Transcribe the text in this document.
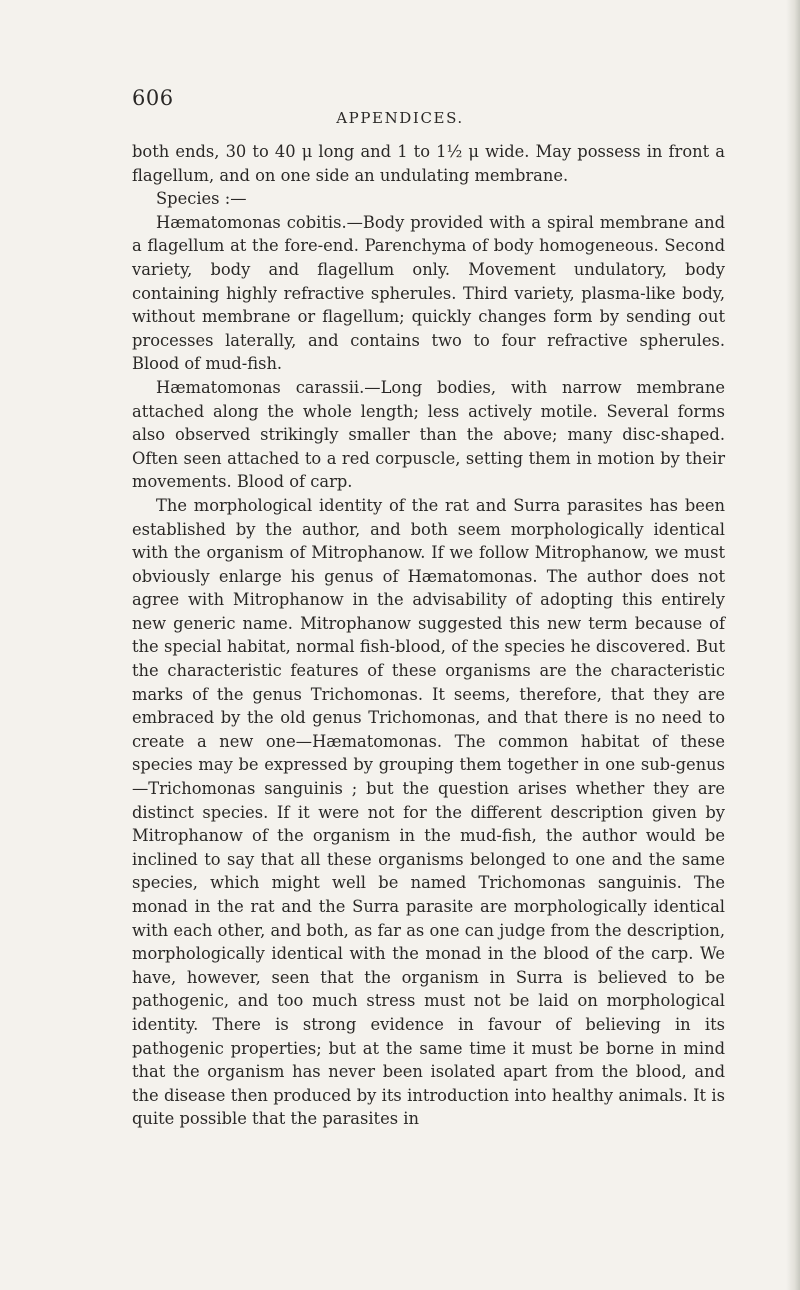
606
APPENDICES.

both ends, 30 to 40 μ long and 1 to 1½ μ wide. May possess in front a flagellum, and on one side an undulating membrane.

Species :—

Hæmatomonas cobitis.—Body provided with a spiral membrane and a flagellum at the fore-end. Parenchyma of body homogeneous. Second variety, body and flagellum only. Movement undulatory, body containing highly refractive spherules. Third variety, plasma-like body, without membrane or flagellum; quickly changes form by sending out processes laterally, and contains two to four refractive spherules. Blood of mud-fish.

Hæmatomonas carassii.—Long bodies, with narrow membrane attached along the whole length; less actively motile. Several forms also observed strikingly smaller than the above; many disc-shaped. Often seen attached to a red corpuscle, setting them in motion by their movements. Blood of carp.

The morphological identity of the rat and Surra parasites has been established by the author, and both seem morphologically identical with the organism of Mitrophanow. If we follow Mitrophanow, we must obviously enlarge his genus of Hæmatomonas. The author does not agree with Mitrophanow in the advisability of adopting this entirely new generic name. Mitrophanow suggested this new term because of the special habitat, normal fish-blood, of the species he discovered. But the characteristic features of these organisms are the characteristic marks of the genus Trichomonas. It seems, therefore, that they are embraced by the old genus Trichomonas, and that there is no need to create a new one—Hæmatomonas. The common habitat of these species may be expressed by grouping them together in one sub-genus—Trichomonas sanguinis ; but the question arises whether they are distinct species. If it were not for the different description given by Mitrophanow of the organism in the mud-fish, the author would be inclined to say that all these organisms belonged to one and the same species, which might well be named Trichomonas sanguinis. The monad in the rat and the Surra parasite are morphologically identical with each other, and both, as far as one can judge from the description, morphologically identical with the monad in the blood of the carp. We have, however, seen that the organism in Surra is believed to be pathogenic, and too much stress must not be laid on morphological identity. There is strong evidence in favour of believing in its pathogenic properties; but at the same time it must be borne in mind that the organism has never been isolated apart from the blood, and the disease then produced by its introduction into healthy animals. It is quite possible that the parasites in
